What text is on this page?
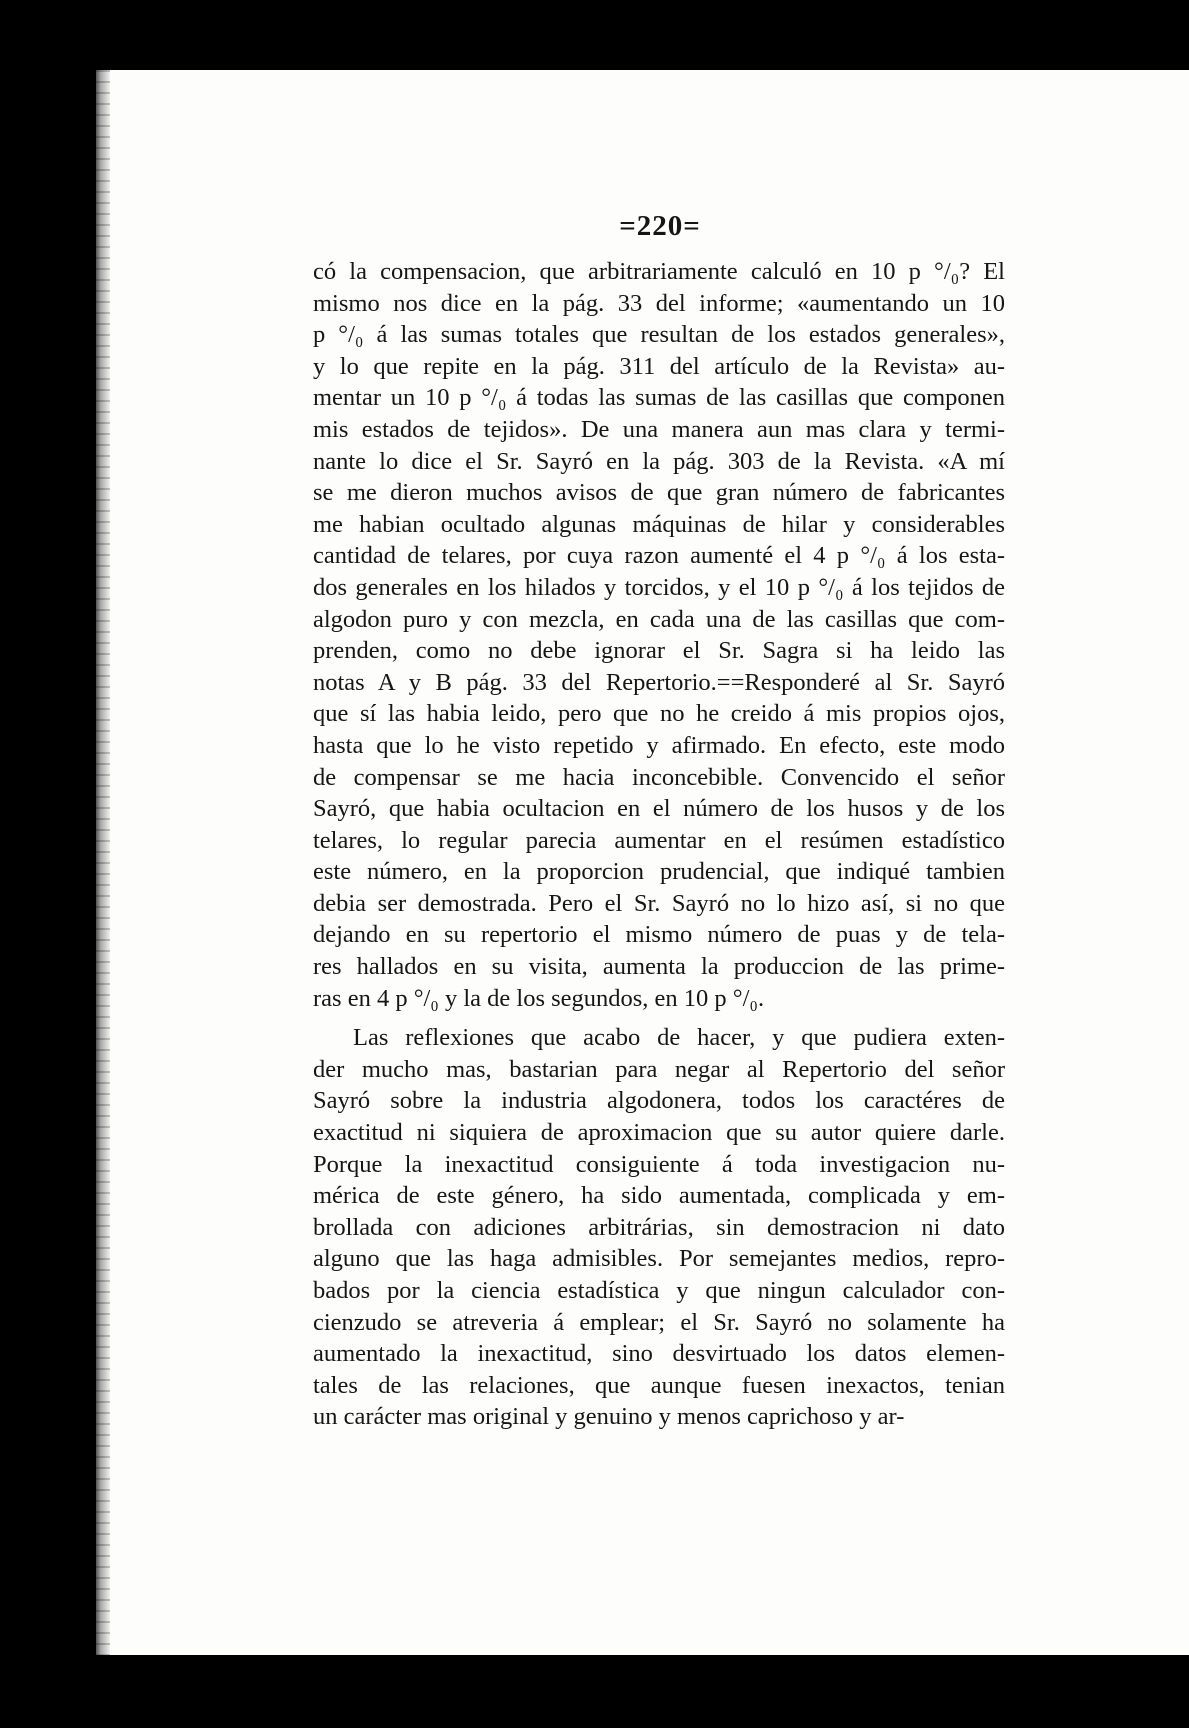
=220=
có la compensacion, que arbitrariamente calculó en 10 p °/₀? El
mismo nos dice en la pág. 33 del informe; «aumentando un 10
p °/₀ á las sumas totales que resultan de los estados generales»,
y lo que repite en la pág. 311 del artículo de la Revista» au-
mentar un 10 p °/₀ á todas las sumas de las casillas que componen
mis estados de tejidos». De una manera aun mas clara y termi-
nante lo dice el Sr. Sayró en la pág. 303 de la Revista. «A mí
se me dieron muchos avisos de que gran número de fabricantes
me habian ocultado algunas máquinas de hilar y considerables
cantidad de telares, por cuya razon aumenté el 4 p °/₀ á los esta-
dos generales en los hilados y torcidos, y el 10 p °/₀ á los tejidos de
algodon puro y con mezcla, en cada una de las casillas que com-
prenden, como no debe ignorar el Sr. Sagra si ha leido las
notas A y B pág. 33 del Repertorio.==Responderé al Sr. Sayró
que sí las habia leido, pero que no he creido á mis propios ojos,
hasta que lo he visto repetido y afirmado. En efecto, este modo
de compensar se me hacia inconcebible. Convencido el señor
Sayró, que habia ocultacion en el número de los husos y de los
telares, lo regular parecia aumentar en el resúmen estadístico
este número, en la proporcion prudencial, que indiqué tambien
debia ser demostrada. Pero el Sr. Sayró no lo hizo así, si no que
dejando en su repertorio el mismo número de puas y de tela-
res hallados en su visita, aumenta la produccion de las prime-
ras en 4 p °/₀ y la de los segundos, en 10 p °/₀.
Las reflexiones que acabo de hacer, y que pudiera exten-
der mucho mas, bastarian para negar al Repertorio del señor
Sayró sobre la industria algodonera, todos los caractéres de
exactitud ni siquiera de aproximacion que su autor quiere darle.
Porque la inexactitud consiguiente á toda investigacion nu-
mérica de este género, ha sido aumentada, complicada y em-
brollada con adiciones arbitrárias, sin demostracion ni dato
alguno que las haga admisibles. Por semejantes medios, repro-
bados por la ciencia estadística y que ningun calculador con-
cienzudo se atreveria á emplear; el Sr. Sayró no solamente ha
aumentado la inexactitud, sino desvirtuado los datos elemen-
tales de las relaciones, que aunque fuesen inexactos, tenian
un carácter mas original y genuino y menos caprichoso y ar-
